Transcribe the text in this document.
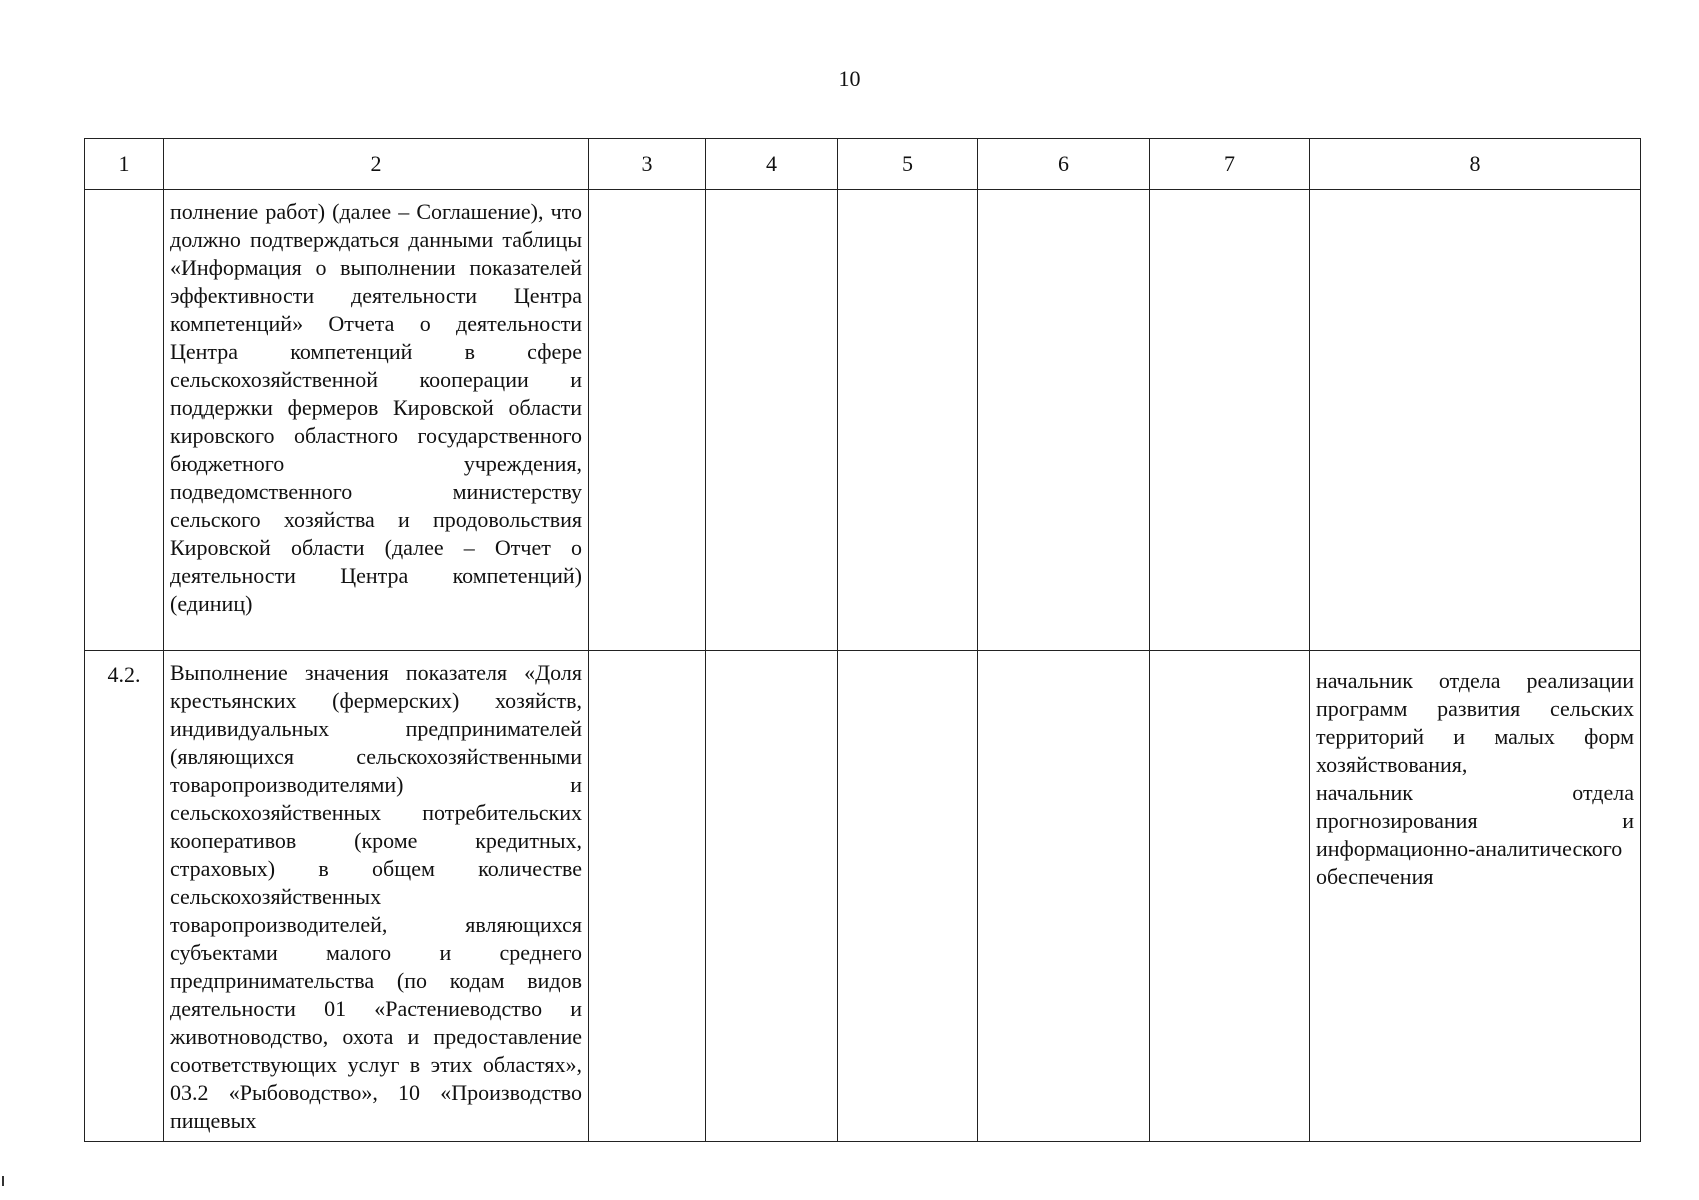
10
1	2	3	4	5	6	7	8
	полнение работ) (далее – Соглашение), что должно подтверждаться данными таблицы «Информация о выполнении показателей эффективности деятельности Центра компетенций» Отчета о деятельности Центра компетенций в сфере сельскохозяйственной кооперации и поддержки фермеров Кировской области кировского областного государственного бюджетного учреждения, подведомственного министерству сельского хозяйства и продовольствия Кировской области (далее – Отчет о деятельности Центра компетенций) (единиц)						
4.2.	Выполнение значения показателя «Доля крестьянских (фермерских) хозяйств, индивидуальных предпринимателей (являющихся сельскохозяйственными товаропроизводителями) и сельскохозяйственных потребительских кооперативов (кроме кредитных, страховых) в общем количестве сельскохозяйственных товаропроизводителей, являющихся субъектами малого и среднего предпринимательства (по кодам видов деятельности 01 «Растениеводство и животноводство, охота и предоставление соответствующих услуг в этих областях», 03.2 «Рыбоводство», 10 «Производство пищевых						начальник отдела реализации программ развития сельских территорий и малых форм хозяйствования,
начальник отдела прогнозирования и информационно-аналитического обеспечения
